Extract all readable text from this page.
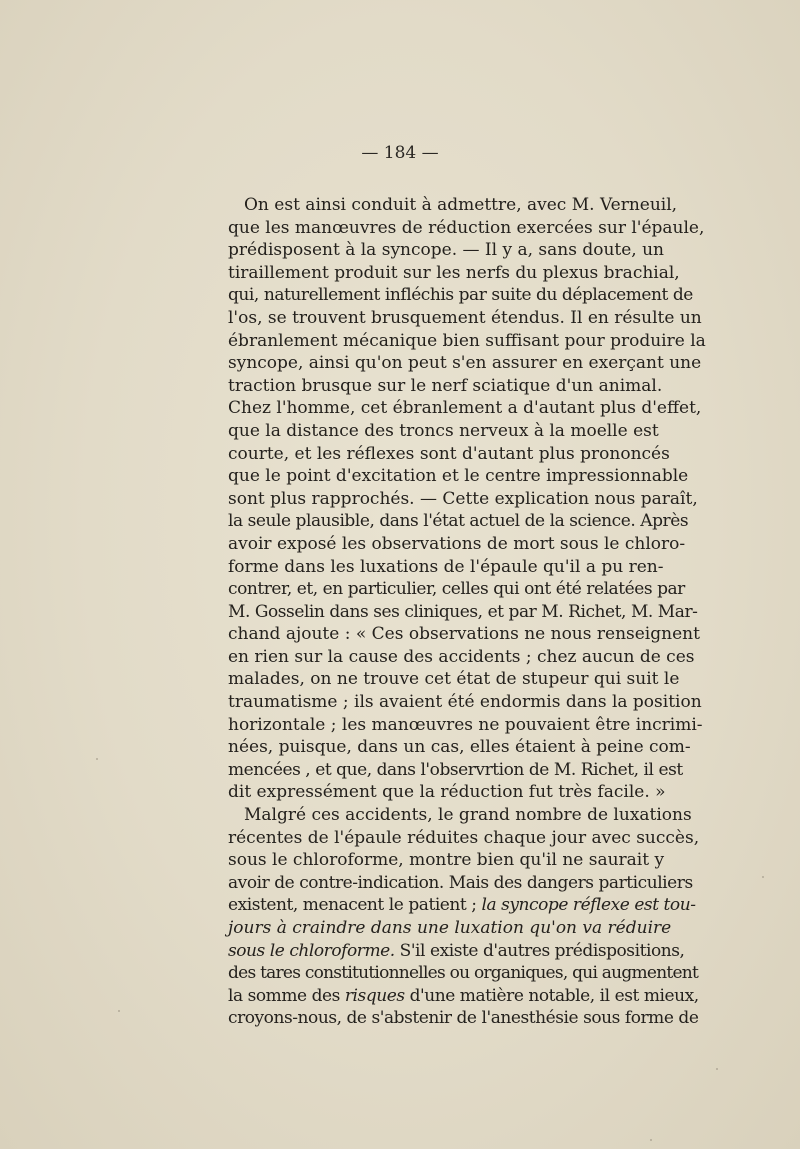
— 184 —
On est ainsi conduit à admettre, avec M. Verneuil,
que les manœuvres de réduction exercées sur l'épaule,
prédisposent à la syncope. — Il y a, sans doute, un
tiraillement produit sur les nerfs du plexus brachial,
qui, naturellement infléchis par suite du déplacement de
l'os, se trouvent brusquement étendus. Il en résulte un
ébranlement mécanique bien suffisant pour produire la
syncope, ainsi qu'on peut s'en assurer en exerçant une
traction brusque sur le nerf sciatique d'un animal.
Chez l'homme, cet ébranlement a d'autant plus d'effet,
que la distance des troncs nerveux à la moelle est
courte, et les réflexes sont d'autant plus prononcés
que le point d'excitation et le centre impressionnable
sont plus rapprochés. — Cette explication nous paraît,
la seule plausible, dans l'état actuel de la science. Après
avoir exposé les observations de mort sous le chloro-
forme dans les luxations de l'épaule qu'il a pu ren-
contrer, et, en particulier, celles qui ont été relatées par
M. Gosselin dans ses cliniques, et par M. Richet, M. Mar-
chand ajoute : « Ces observations ne nous renseignent
en rien sur la cause des accidents ; chez aucun de ces
malades, on ne trouve cet état de stupeur qui suit le
traumatisme ; ils avaient été endormis dans la position
horizontale ; les manœuvres ne pouvaient être incrimi-
nées, puisque, dans un cas, elles étaient à peine com-
mencées , et que, dans l'observrtion de M. Richet, il est
dit expressément que la réduction fut très facile. »
Malgré ces accidents, le grand nombre de luxations
récentes de l'épaule réduites chaque jour avec succès,
sous le chloroforme, montre bien qu'il ne saurait y
avoir de contre-indication. Mais des dangers particuliers
existent, menacent le patient ; la syncope réflexe est tou-
jours à craindre dans une luxation qu'on va réduire
sous le chloroforme. S'il existe d'autres prédispositions,
des tares constitutionnelles ou organiques, qui augmentent
la somme des risques d'une matière notable, il est mieux,
croyons-nous, de s'abstenir de l'anesthésie sous forme de
